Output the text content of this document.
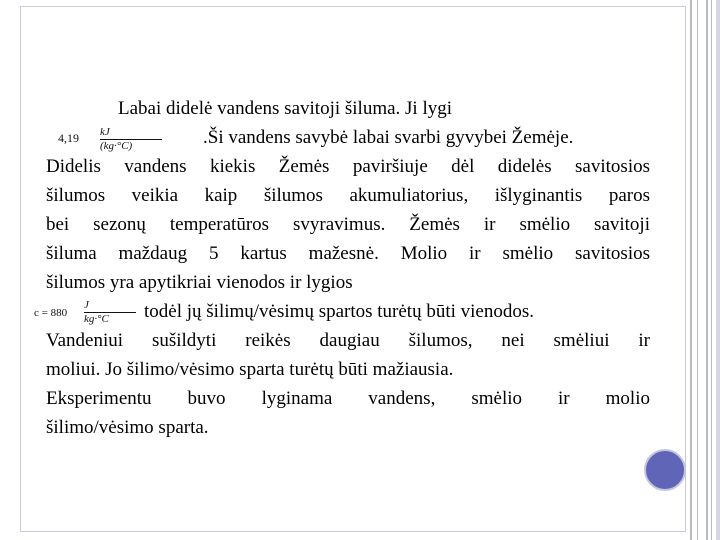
Labai didelė vandens savitoji šiluma. Ji lygi
4,19 kJ
(kg·°C)	.Ši vandens savybė labai svarbi gyvybei Žemėje.
Didelis vandens kiekis Žemės paviršiuje dėl didelės savitosios
šilumos veikia kaip šilumos akumuliatorius, išlyginantis paros
bei sezonų temperatūros svyravimus. Žemės ir smėlio savitoji
šiluma maždaug 5 kartus mažesnė. Molio ir smėlio savitosios
šilumos yra apytikriai vienodos ir lygios
c = 880
J
kg·°C	todėl jų šilimų/vėsimų spartos turėtų būti vienodos.
Vandeniui sušildyti reikės daugiau šilumos, nei smėliui ir
moliui. Jo šilimo/vėsimo sparta turėtų būti mažiausia.
Eksperimentu buvo lyginama vandens, smėlio ir molio
šilimo/vėsimo sparta.
